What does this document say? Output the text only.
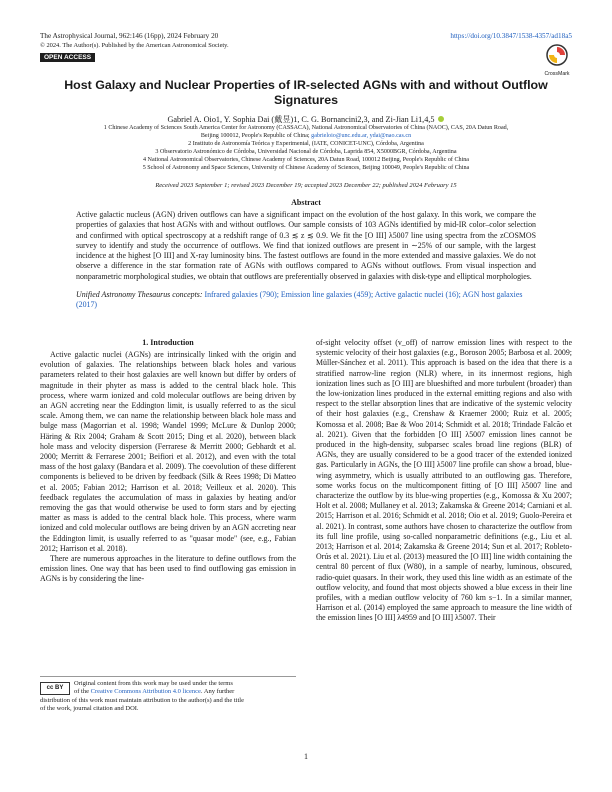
The Astrophysical Journal, 962:146 (16pp), 2024 February 20	https://doi.org/10.3847/1538-4357/ad18a5
© 2024. The Author(s). Published by the American Astronomical Society.
OPEN ACCESS
CrossMark
Host Galaxy and Nuclear Properties of IR-selected AGNs with and without Outflow
Signatures
Gabriel A. Oio1, Y. Sophia Dai (戴昱)1, C. G. Bornancini2,3, and Zi-Jian Li1,4,5
1 Chinese Academy of Sciences South America Center for Astronomy (CASSACA), National Astronomical Observatories of China (NAOC), CAS, 20A Datun Road,
Beijing 100012, People's Republic of China; gabrieloio@unc.edu.ar, ydai@nao.cas.cn
2 Instituto de Astronomía Teórica y Experimental, (IATE, CONICET-UNC), Córdoba, Argentina
3 Observatorio Astronómico de Córdoba, Universidad Nacional de Córdoba, Laprida 854, X5000BGR, Córdoba, Argentina
4 National Astronomical Observatories, Chinese Academy of Sciences, 20A Datun Road, 100012 Beijing, People's Republic of China
5 School of Astronomy and Space Sciences, University of Chinese Academy of Sciences, Beijing 100049, People's Republic of China
Received 2023 September 1; revised 2023 December 19; accepted 2023 December 22; published 2024 February 15
Abstract
Active galactic nucleus (AGN) driven outflows can have a significant impact on the evolution of the host galaxy. In this work, we compare the properties of galaxies that host AGNs with and without outflows. Our sample consists of 103 AGNs identified by mid-IR color–color selection and confirmed with optical spectroscopy at a redshift range of 0.3 ≲ z ≲ 0.9. We fit the [O III] λ5007 line using spectra from the zCOSMOS survey to identify and study the occurrence of outflows. We find that ionized outflows are present in ∼25% of our sample, with the largest incidence at the highest [O III] and X-ray luminosity bins. The fastest outflows are found in the more extended and massive galaxies. We do not observe a difference in the star formation rate of AGNs with outflows compared to AGNs without outflows. From visual inspection and nonparametric morphological studies, we obtain that outflows are preferentially observed in galaxies with disk-type and elliptical morphologies.
Unified Astronomy Thesaurus concepts: Infrared galaxies (790); Emission line galaxies (459); Active galactic nuclei (16); AGN host galaxies (2017)
1. Introduction

Active galactic nuclei (AGNs) are intrinsically linked with the origin and evolution of galaxies. The relationships between black holes and various parameters related to their host galaxies are well known but differ by orders of magnitude in their phyter as mass is added to the central black hole. This process, where warm ionized and cold molecular outflows are being driven by an AGN accreting near the Eddington limit, is usually referred to as the sicul scale. Among them, we can name the relationship between black hole mass and bulge mass (Magorrian et al. 1998; Wandel 1999; McLure & Dunlop 2000; Häring & Rix 2004; Graham & Scott 2015; Ding et al. 2020), between black hole mass and velocity dispersion (Ferrarese & Merritt 2000; Gebhardt et al. 2000; Merritt & Ferrarese 2001; Beifiori et al. 2012), and even with the total mass of the host galaxy (Bandara et al. 2009). The coevolution of these different components is believed to be driven by feedback (Silk & Rees 1998; Di Matteo et al. 2005; Fabian 2012; Harrison et al. 2018; Veilleux et al. 2020). This feedback regulates the accumulation of mass in galaxies by heating and/or removing the gas that would otherwise be used to form stars and by ejecting matter as mass is added to the central black hole. This process, where warm ionized and cold molecular outflows are being driven by an AGN accreting near the Eddington limit, is usually referred to as "quasar mode" (see, e.g., Fabian 2012; Harrison et al. 2018).

There are numerous approaches in the literature to define outflows from the emission lines. One way that has been used to find outflowing gas emission in AGNs is by considering the line-

cc BY
Original content from this work may be used under the terms
of the Creative Commons Attribution 4.0 licence. Any further
distribution of this work must maintain attribution to the author(s) and the title
of the work, journal citation and DOI.

of-sight velocity offset (v_off) of narrow emission lines with respect to the systemic velocity of their host galaxies (e.g., Boroson 2005; Barbosa et al. 2009; Müller-Sánchez et al. 2011). This approach is based on the idea that there is a stratified narrow-line region (NLR) where, in its innermost regions, high ionization lines such as [O III] are blueshifted and more turbulent (broader) than the low-ionization lines produced in the external emitting regions and also with respect to the stellar absorption lines that are indicative of the systemic velocity of their host galaxies (e.g., Crenshaw & Kraemer 2000; Ruiz et al. 2005; Komossa et al. 2008; Bae & Woo 2014; Schmidt et al. 2018; Trindade Falcão et al. 2021). Given that the forbidden [O III] λ5007 emission lines cannot be produced in the high-density, subparsec scales broad line regions (BLR) of AGNs, they are usually considered to be a good tracer of the extended ionized gas. Particularly in AGNs, the [O III] λ5007 line profile can show a broad, blue-wing asymmetry, which is usually attributed to an outflowing gas. Therefore, some works focus on the multicomponent fitting of [O III] λ5007 line and characterize the outflow by its blue-wing properties (e.g., Komossa & Xu 2007; Holt et al. 2008; Mullaney et al. 2013; Zakamska & Greene 2014; Carniani et al. 2015; Harrison et al. 2016; Schmidt et al. 2018; Oio et al. 2019; Guolo-Pereira et al. 2021). In contrast, some authors have chosen to characterize the outflow from its full line profile, using so-called nonparametric definitions (e.g., Liu et al. 2013; Harrison et al. 2014; Zakamska & Greene 2014; Sun et al. 2017; Robleto-Orús et al. 2021). Liu et al. (2013) measured the [O III] line width containing the central 80 percent of flux (W80), in a sample of nearby, luminous, obscured, radio-quiet quasars. In their work, they used this line width as an estimate of the outflow velocity, and found that most objects showed a blue excess in their line profiles, with a median outflow velocity of 760 km s−1. In a similar manner, Harrison et al. (2014) employed the same approach to measure the line width of the emission lines [O III] λ4959 and [O III] λ5007. Their

1
